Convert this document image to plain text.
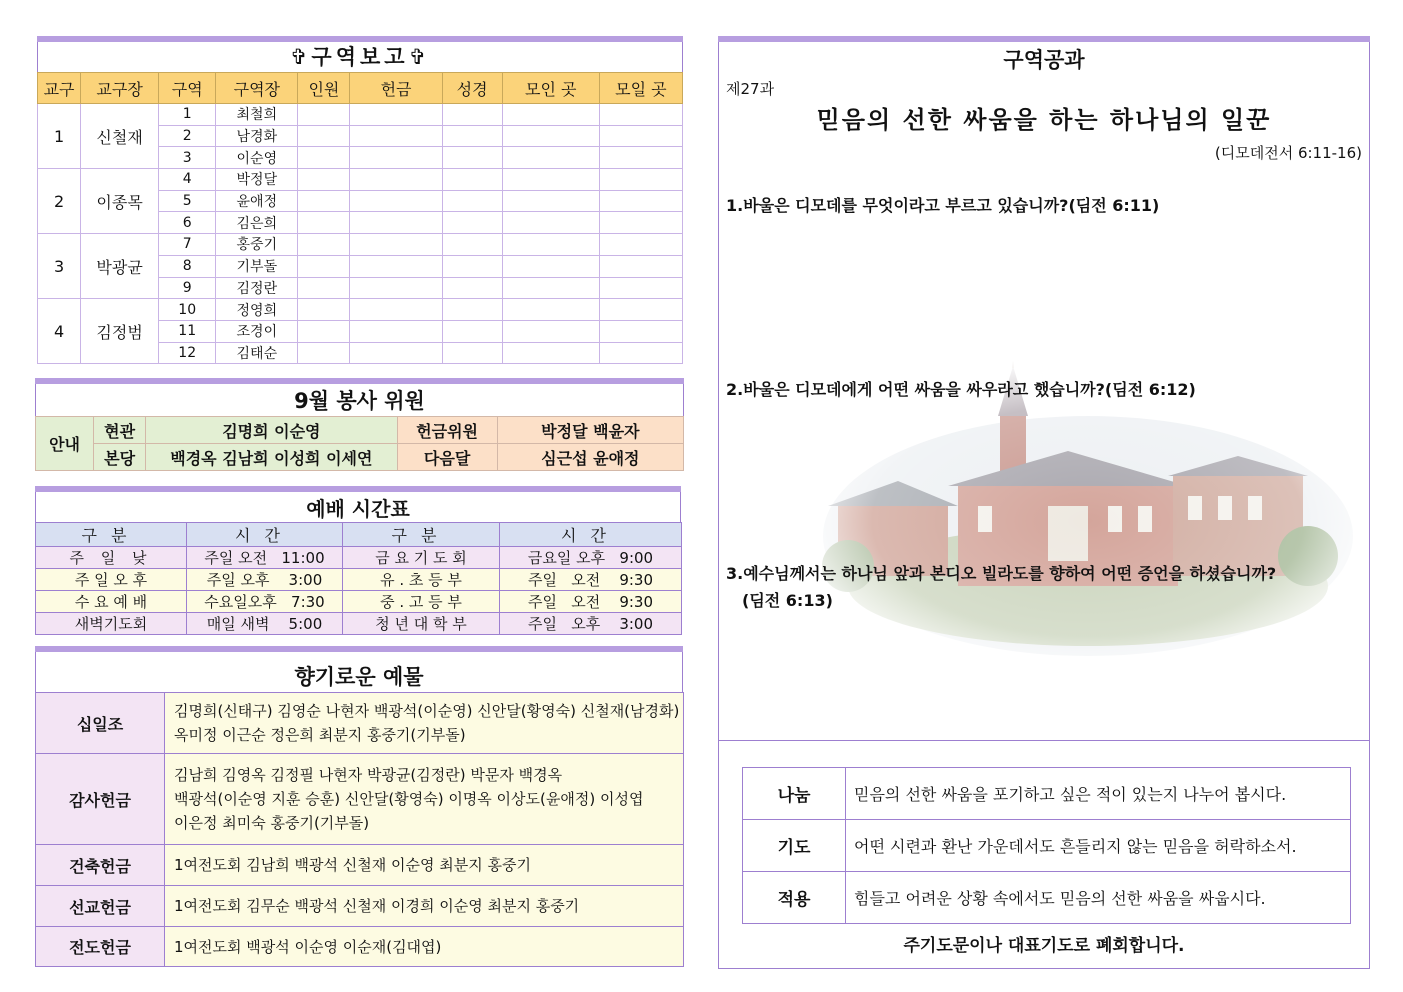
✞구역보고✞
교구	교구장	구역	구역장	인원	헌금	성경	모인 곳	모일 곳
1	신철재	1	최철희					
		2	남경화					
		3	이순영					
2	이종목	4	박정달					
		5	윤애정					
		6	김은희					
3	박광균	7	홍중기					
		8	기부돌					
		9	김정란					
4	김정범	10	정영희					
		11	조경이					
		12	김태순					
9월 봉사 위원
안내	현관	김명희 이순영	헌금위원	박정달 백윤자
	본당	백경옥 김남희 이성희 이세연	다음달	심근섭 윤애정
예배 시간표
구분	시간	구분	시간
주 일 낮	주일 오전   11:00	금 요 기 도 회	금요일 오후   9:00
주 일 오 후	주일 오후    3:00	유 . 초 등 부	주일   오전    9:30
수 요 예 배	수요일오후   7:30	중 . 고 등 부	주일   오전    9:30
새벽기도회	매일 새벽    5:00	청 년 대 학 부	주일   오후    3:00
향기로운 예물
십일조	김명희(신태구) 김영순 나현자 백광석(이순영) 신안달(황영숙) 신철재(남경화)
옥미정 이근순 정은희 최분지 홍중기(기부돌)

감사헌금	김남희 김영옥 김정필 나현자 박광균(김정란) 박문자 백경옥
백광석(이순영 지훈 승훈) 신안달(황영숙) 이명옥 이상도(윤애정) 이성엽
이은정 최미숙 홍중기(기부돌)

건축헌금	1여전도회 김남희 백광석 신철재 이순영 최분지 홍중기

선교헌금	1여전도회 김무순 백광석 신철재 이경희 이순영 최분지 홍중기

전도헌금	1여전도회 백광석 이순영 이순재(김대엽)
구역공과
제27과
믿음의 선한 싸움을 하는 하나님의 일꾼
(디모데전서 6:11-16)
1.바울은 디모데를 무엇이라고 부르고 있습니까?(딤전 6:11)
2.바울은 디모데에게 어떤 싸움을 싸우라고 했습니까?(딤전 6:12)
3.예수님께서는 하나님 앞과 본디오 빌라도를 향하여 어떤 증언을 하셨습니까?
(딤전 6:13)
나눔	믿음의 선한 싸움을 포기하고 싶은 적이 있는지 나누어 봅시다.
기도	어떤 시련과 환난 가운데서도 흔들리지 않는 믿음을 허락하소서.
적용	힘들고 어려운 상황 속에서도 믿음의 선한 싸움을 싸웁시다.
주기도문이나 대표기도로 폐회합니다.
